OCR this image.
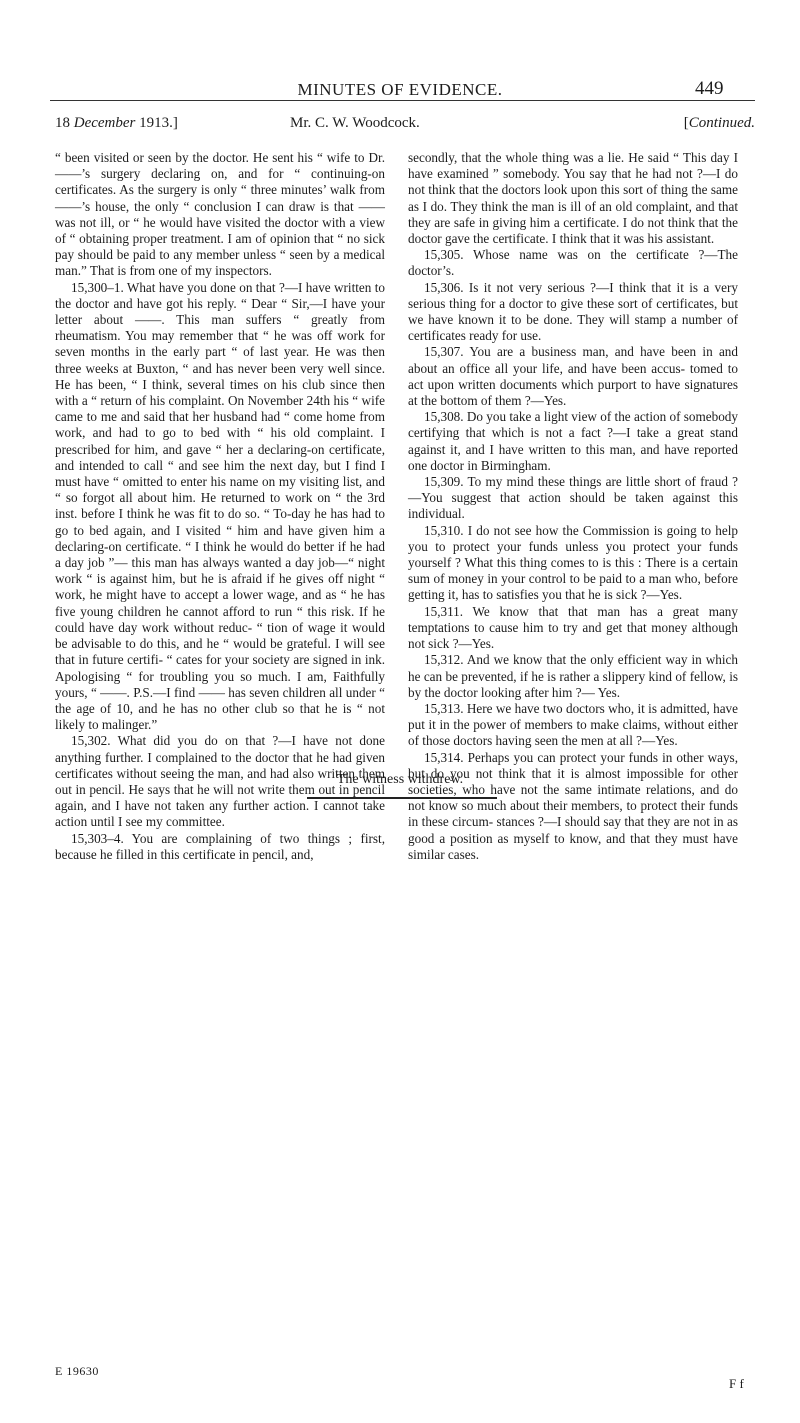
MINUTES OF EVIDENCE.	449
18 December 1913.]	Mr. C. W. Woodcock.	[Continued.

“ been visited or seen by the doctor. He sent his “ wife to Dr. ——’s surgery declaring on, and for “ continuing-on certificates. As the surgery is only “ three minutes’ walk from ——’s house, the only “ conclusion I can draw is that —— was not ill, or “ he would have visited the doctor with a view of “ obtaining proper treatment. I am of opinion that “ no sick pay should be paid to any member unless “ seen by a medical man.” That is from one of my inspectors.

15,300–1. What have you done on that ?—I have written to the doctor and have got his reply. “ Dear “ Sir,—I have your letter about ——. This man suffers “ greatly from rheumatism. You may remember that “ he was off work for seven months in the early part “ of last year. He was then three weeks at Buxton, “ and has never been very well since. He has been, “ I think, several times on his club since then with a “ return of his complaint. On November 24th his “ wife came to me and said that her husband had “ come home from work, and had to go to bed with “ his old complaint. I prescribed for him, and gave “ her a declaring-on certificate, and intended to call “ and see him the next day, but I find I must have “ omitted to enter his name on my visiting list, and “ so forgot all about him. He returned to work on “ the 3rd inst. before I think he was fit to do so. “ To-day he has had to go to bed again, and I visited “ him and have given him a declaring-on certificate. “ I think he would do better if he had a day job ”— this man has always wanted a day job—“ night work “ is against him, but he is afraid if he gives off night “ work, he might have to accept a lower wage, and as “ he has five young children he cannot afford to run “ this risk. If he could have day work without reduc- “ tion of wage it would be advisable to do this, and he “ would be grateful. I will see that in future certifi- “ cates for your society are signed in ink. Apologising “ for troubling you so much. I am, Faithfully yours, “ ——. P.S.—I find —— has seven children all under “ the age of 10, and he has no other club so that he is “ not likely to malinger.”

15,302. What did you do on that ?—I have not done anything further. I complained to the doctor that he had given certificates without seeing the man, and had also written them out in pencil. He says that he will not write them out in pencil again, and I have not taken any further action. I cannot take action until I see my committee.

15,303–4. You are complaining of two things ; first, because he filled in this certificate in pencil, and,

secondly, that the whole thing was a lie. He said “ This day I have examined ” somebody. You say that he had not ?—I do not think that the doctors look upon this sort of thing the same as I do. They think the man is ill of an old complaint, and that they are safe in giving him a certificate. I do not think that the doctor gave the certificate. I think that it was his assistant.

15,305. Whose name was on the certificate ?—The doctor’s.

15,306. Is it not very serious ?—I think that it is a very serious thing for a doctor to give these sort of certificates, but we have known it to be done. They will stamp a number of certificates ready for use.

15,307. You are a business man, and have been in and about an office all your life, and have been accus- tomed to act upon written documents which purport to have signatures at the bottom of them ?—Yes.

15,308. Do you take a light view of the action of somebody certifying that which is not a fact ?—I take a great stand against it, and I have written to this man, and have reported one doctor in Birmingham.

15,309. To my mind these things are little short of fraud ?—You suggest that action should be taken against this individual.

15,310. I do not see how the Commission is going to help you to protect your funds unless you protect your funds yourself ? What this thing comes to is this : There is a certain sum of money in your control to be paid to a man who, before getting it, has to satisfies you that he is sick ?—Yes.

15,311. We know that that man has a great many temptations to cause him to try and get that money although not sick ?—Yes.

15,312. And we know that the only efficient way in which he can be prevented, if he is rather a slippery kind of fellow, is by the doctor looking after him ?— Yes.

15,313. Here we have two doctors who, it is admitted, have put it in the power of members to make claims, without either of those doctors having seen the men at all ?—Yes.

15,314. Perhaps you can protect your funds in other ways, but do you not think that it is almost impossible for other societies, who have not the same intimate relations, and do not know so much about their members, to protect their funds in these circum- stances ?—I should say that they are not in as good a position as myself to know, and that they must have similar cases.

The witness withdrew.
E 19630
F f
